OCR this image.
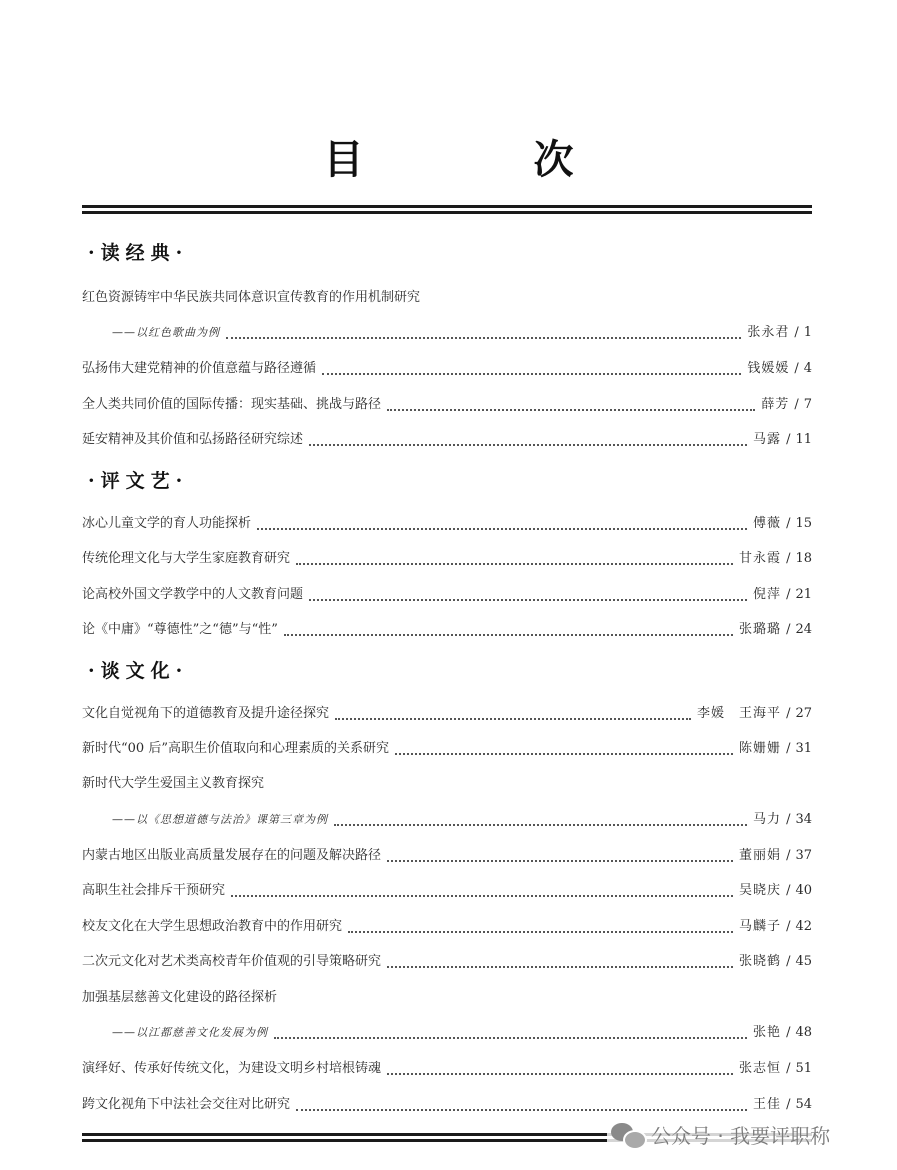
目 次
·读经典·
红色资源铸牢中华民族共同体意识宣传教育的作用机制研究
——以红色歌曲为例	张永君 / 1
弘扬伟大建党精神的价值意蕴与路径遵循	钱媛媛 / 4
全人类共同价值的国际传播：现实基础、挑战与路径	薛芳 / 7
延安精神及其价值和弘扬路径研究综述	马露 / 11
·评文艺·
冰心儿童文学的育人功能探析	傅薇 / 15
传统伦理文化与大学生家庭教育研究	甘永霞 / 18
论高校外国文学教学中的人文教育问题	倪萍 / 21
论《中庸》“尊德性”之“德”与“性”	张璐璐 / 24
·谈文化·
文化自觉视角下的道德教育及提升途径探究	李媛　王海平 / 27
新时代“00 后”高职生价值取向和心理素质的关系研究	陈姗姗 / 31
新时代大学生爱国主义教育探究
——以《思想道德与法治》课第三章为例	马力 / 34
内蒙古地区出版业高质量发展存在的问题及解决路径	董丽娟 / 37
高职生社会排斥干预研究	吴晓庆 / 40
校友文化在大学生思想政治教育中的作用研究	马麟子 / 42
二次元文化对艺术类高校青年价值观的引导策略研究	张晓鹤 / 45
加强基层慈善文化建设的路径探析
——以江都慈善文化发展为例	张艳 / 48
演绎好、传承好传统文化，为建设文明乡村培根铸魂	张志恒 / 51
跨文化视角下中法社会交往对比研究	王佳 / 54
公众号 · 我要评职称
